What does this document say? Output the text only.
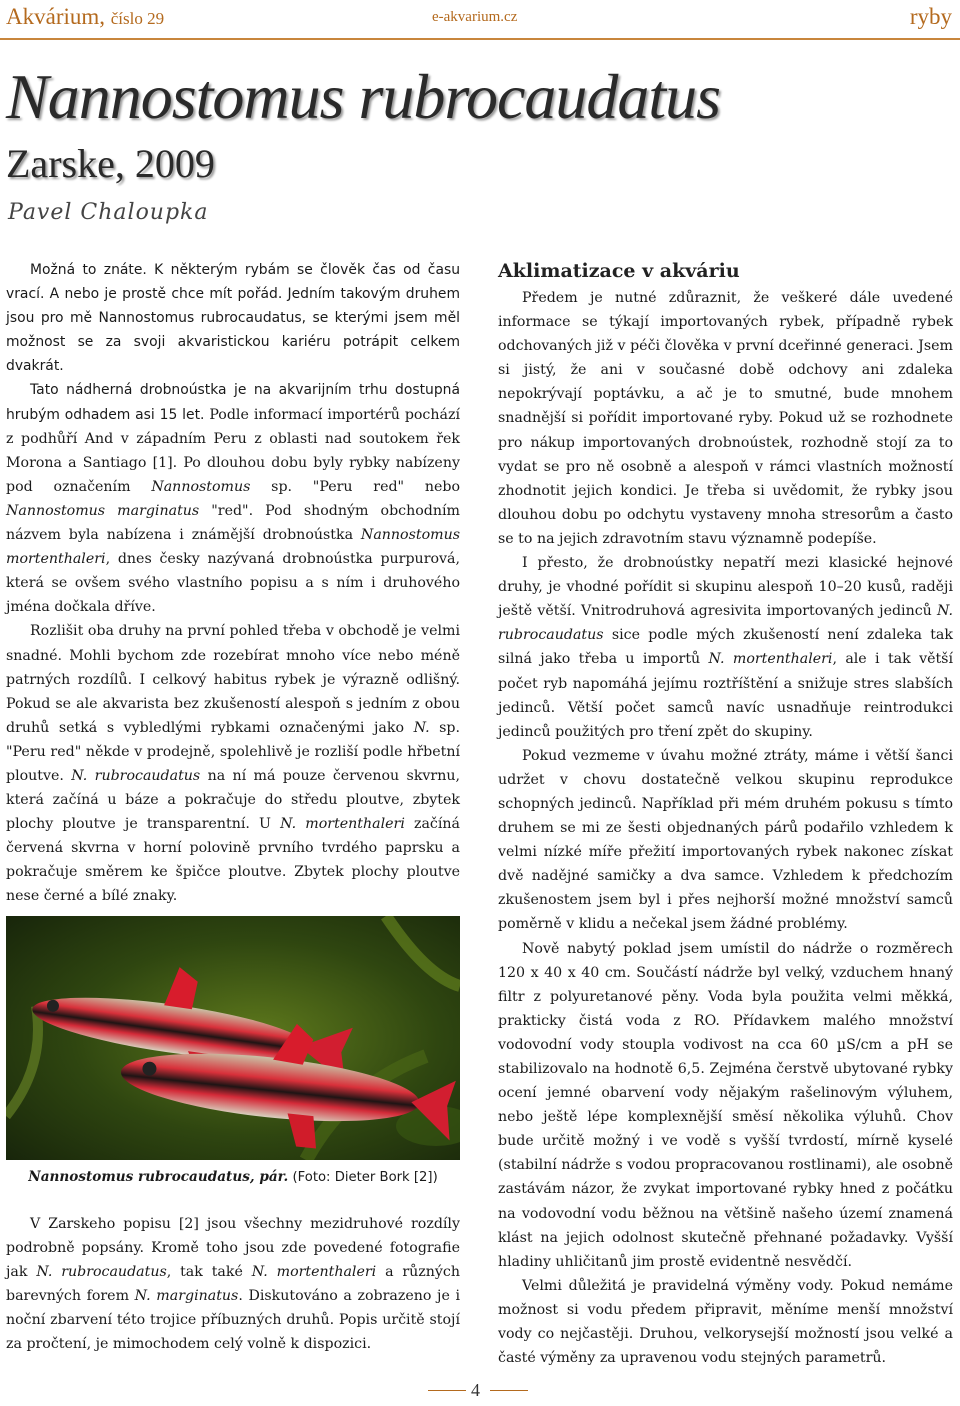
Akvárium, číslo 29	e-akvarium.cz	ryby
Nannostomus rubrocaudatus
Zarske, 2009
Pavel Chaloupka

Možná to znáte. K některým rybám se člověk čas od času vrací. A nebo je prostě chce mít pořád. Jedním takovým druhem jsou pro mě Nannostomus rubrocaudatus, se kterými jsem měl možnost se za svoji akvaristickou kariéru potrápit celkem dvakrát.

Tato nádherná drobnoústka je na akvarijním trhu dostupná hrubým odhadem asi 15 let. Podle informací importérů pochází z podhůří And v západním Peru z oblasti nad soutokem řek Morona a Santiago [1]. Po dlouhou dobu byly rybky nabízeny pod označením Nannostomus sp. "Peru red" nebo Nannostomus marginatus "red". Pod shodným obchodním názvem byla nabízena i známější drobnoústka Nannostomus mortenthaleri, dnes česky nazývaná drobnoústka purpurová, která se ovšem svého vlastního popisu a s ním i druhového jména dočkala dříve.

Rozlišit oba druhy na první pohled třeba v obchodě je velmi snadné. Mohli bychom zde rozebírat mnoho více nebo méně patrných rozdílů. I celkový habitus rybek je výrazně odlišný. Pokud se ale akvarista bez zkušeností alespoň s jedním z obou druhů setká s vybledlými rybkami označenými jako N. sp. "Peru red" někde v prodejně, spolehlivě je rozliší podle hřbetní ploutve. N. rubrocaudatus na ní má pouze červenou skvrnu, která začíná u báze a pokračuje do středu ploutve, zbytek plochy ploutve je transparentní. U N. mortenthaleri začíná červená skvrna v horní polovině prvního tvrdého paprsku a pokračuje směrem ke špičce ploutve. Zbytek plochy ploutve nese černé a bílé znaky.

Nannostomus rubrocaudatus, pár. (Foto: Dieter Bork [2])

V Zarskeho popisu [2] jsou všechny mezidruhové rozdíly podrobně popsány. Kromě toho jsou zde povedené fotografie jak N. rubrocaudatus, tak také N. mortenthaleri a různých barevných forem N. marginatus. Diskutováno a zobrazeno je i noční zbarvení této trojice příbuzných druhů. Popis určitě stojí za pročtení, je mimochodem celý volně k dispozici.

Aklimatizace v akváriu

Předem je nutné zdůraznit, že veškeré dále uvedené informace se týkají importovaných rybek, případně rybek odchovaných již v péči člověka v první dceřinné generaci. Jsem si jistý, že ani v současné době odchovy ani zdaleka nepokrývají poptávku, a ač je to smutné, bude mnohem snadnější si pořídit importované ryby. Pokud už se rozhodnete pro nákup importovaných drobnoústek, rozhodně stojí za to vydat se pro ně osobně a alespoň v rámci vlastních možností zhodnotit jejich kondici. Je třeba si uvědomit, že rybky jsou dlouhou dobu po odchytu vystaveny mnoha stresorům a často se to na jejich zdravotním stavu významně podepíše.

I přesto, že drobnoústky nepatří mezi klasické hejnové druhy, je vhodné pořídit si skupinu alespoň 10–20 kusů, raději ještě větší. Vnitrodruhová agresivita importovaných jedinců N. rubrocaudatus sice podle mých zkušeností není zdaleka tak silná jako třeba u importů N. mortenthaleri, ale i tak větší počet ryb napomáhá jejímu roztříštění a snižuje stres slabších jedinců. Větší počet samců navíc usnadňuje reintrodukci jedinců použitých pro tření zpět do skupiny.

Pokud vezmeme v úvahu možné ztráty, máme i větší šanci udržet v chovu dostatečně velkou skupinu reprodukce schopných jedinců. Například při mém druhém pokusu s tímto druhem se mi ze šesti objednaných párů podařilo vzhledem k velmi nízké míře přežití importovaných rybek nakonec získat dvě nadějné samičky a dva samce. Vzhledem k předchozím zkušenostem jsem byl i přes nejhorší možné množství samců poměrně v klidu a nečekal jsem žádné problémy.

Nově nabytý poklad jsem umístil do nádrže o rozměrech 120 x 40 x 40 cm. Součástí nádrže byl velký, vzduchem hnaný filtr z polyuretanové pěny. Voda byla použita velmi měkká, prakticky čistá voda z RO. Přídavkem malého množství vodovodní vody stoupla vodivost na cca 60 µS/cm a pH se stabilizovalo na hodnotě 6,5. Zejména čerstvě ubytované rybky ocení jemné obarvení vody nějakým rašelinovým výluhem, nebo ještě lépe komplexnější směsí několika výluhů. Chov bude určitě možný i ve vodě s vyšší tvrdostí, mírně kyselé (stabilní nádrže s vodou propracovanou rostlinami), ale osobně zastávám názor, že zvykat importované rybky hned z počátku na vodovodní vodu běžnou na většině našeho území znamená klást na jejich odolnost skutečně přehnané požadavky. Vyšší hladiny uhličitanů jim prostě evidentně nesvědčí.

Velmi důležitá je pravidelná výměny vody. Pokud nemáme možnost si vodu předem připravit, měníme menší množství vody co nejčastěji. Druhou, velkorysejší možností jsou velké a časté výměny za upravenou vodu stejných parametrů.

4
